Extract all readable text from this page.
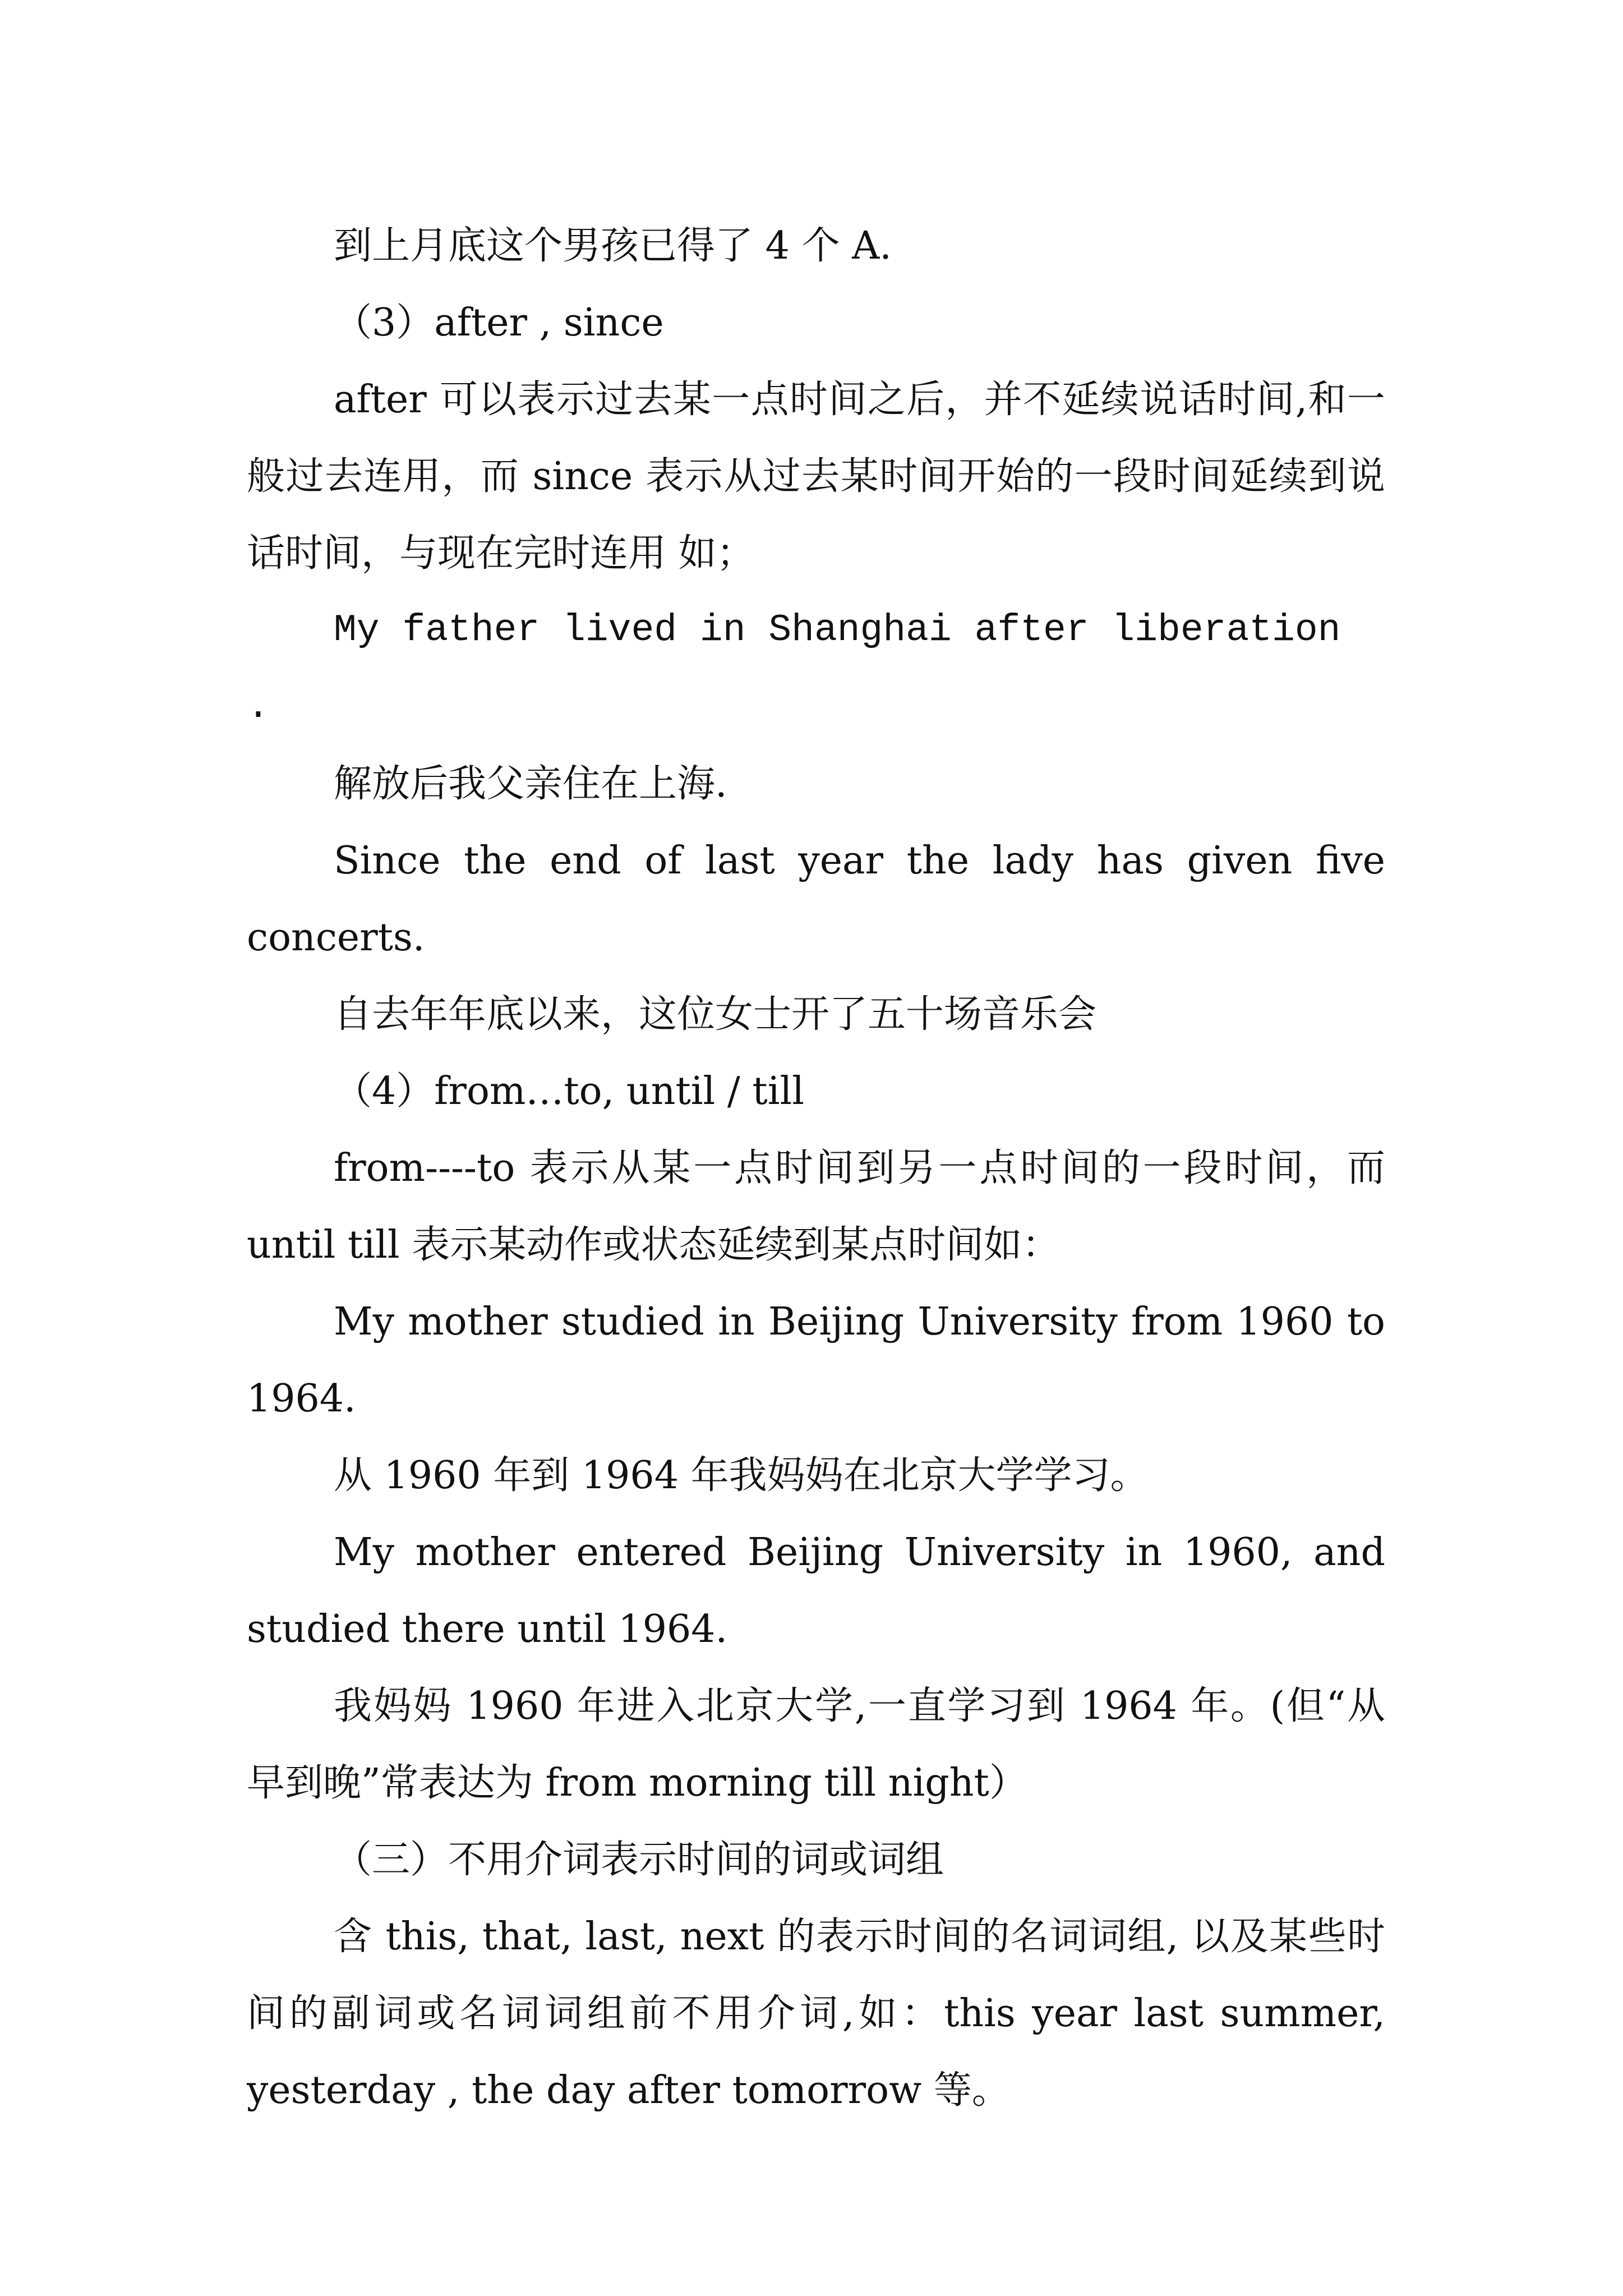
到上月底这个男孩已得了 4 个 A.

（3）after , since

after 可以表示过去某一点时间之后，并不延续说话时间,和一般过去连用，而 since 表示从过去某时间开始的一段时间延续到说话时间，与现在完时连用 如；

My father lived in Shanghai after liberation .

解放后我父亲住在上海.

Since the end of last year the lady has given five concerts.

自去年年底以来，这位女士开了五十场音乐会

（4）from…to, until / till

from----to 表示从某一点时间到另一点时间的一段时间，而 until till 表示某动作或状态延续到某点时间如：

My mother studied in Beijing University from 1960 to 1964.

从 1960 年到 1964 年我妈妈在北京大学学习。

My mother entered Beijing University in 1960, and studied there until 1964.

我妈妈 1960 年进入北京大学,一直学习到 1964 年。(但“从早到晚”常表达为 from morning till night）

（三）不用介词表示时间的词或词组

含 this, that, last, next 的表示时间的名词词组, 以及某些时间的副词或名词词组前不用介词,如：this year last summer, yesterday , the day after tomorrow 等。
